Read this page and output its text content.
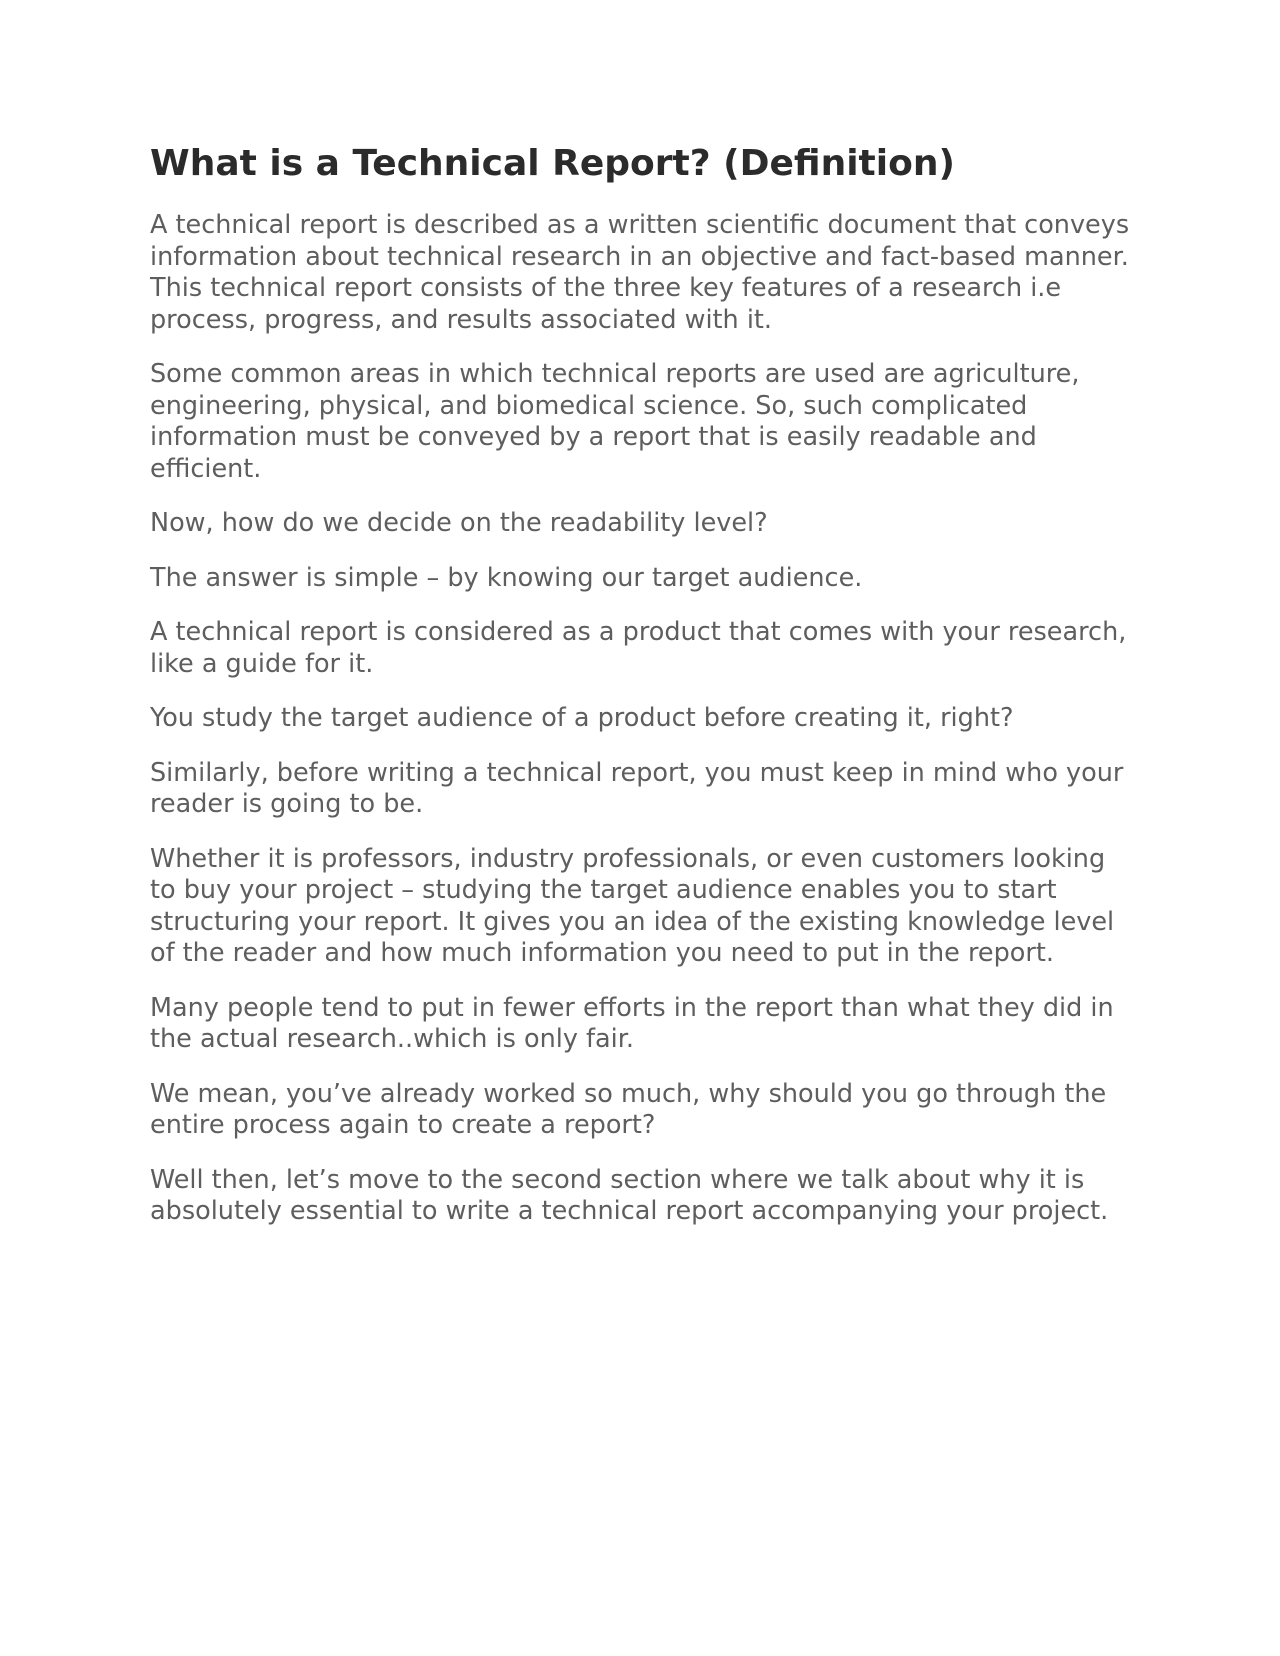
What is a Technical Report? (Definition)

A technical report is described as a written scientific document that conveys information about technical research in an objective and fact-based manner. This technical report consists of the three key features of a research i.e process, progress, and results associated with it.

Some common areas in which technical reports are used are agriculture, engineering, physical, and biomedical science. So, such complicated information must be conveyed by a report that is easily readable and efficient.

Now, how do we decide on the readability level?

The answer is simple – by knowing our target audience.

A technical report is considered as a product that comes with your research, like a guide for it.

You study the target audience of a product before creating it, right?

Similarly, before writing a technical report, you must keep in mind who your reader is going to be.

Whether it is professors, industry professionals, or even customers looking to buy your project – studying the target audience enables you to start structuring your report. It gives you an idea of the existing knowledge level of the reader and how much information you need to put in the report.

Many people tend to put in fewer efforts in the report than what they did in the actual research..which is only fair.

We mean, you’ve already worked so much, why should you go through the entire process again to create a report?

Well then, let’s move to the second section where we talk about why it is absolutely essential to write a technical report accompanying your project.
